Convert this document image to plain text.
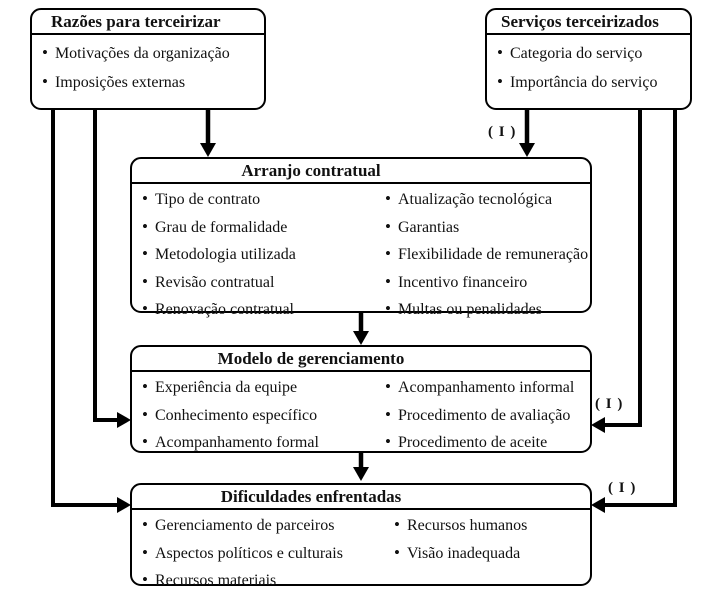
Razões para terceirizar
• Motivações da organização
• Imposições externas
Serviços terceirizados
• Categoria do serviço
• Importância do serviço
Arranjo contratual
• Tipo de contrato
• Grau de formalidade
• Metodologia utilizada
• Revisão contratual
• Renovação contratual
• Atualização tecnológica
• Garantias
• Flexibilidade de remuneração
• Incentivo financeiro
• Multas ou penalidades
Modelo de gerenciamento
• Experiência da equipe
• Conhecimento específico
• Acompanhamento formal
• Acompanhamento informal
• Procedimento de avaliação
• Procedimento de aceite
Dificuldades enfrentadas
• Gerenciamento de parceiros
• Aspectos políticos e culturais
• Recursos materiais
• Recursos humanos
• Visão inadequada
( I )
( I )
( I )
